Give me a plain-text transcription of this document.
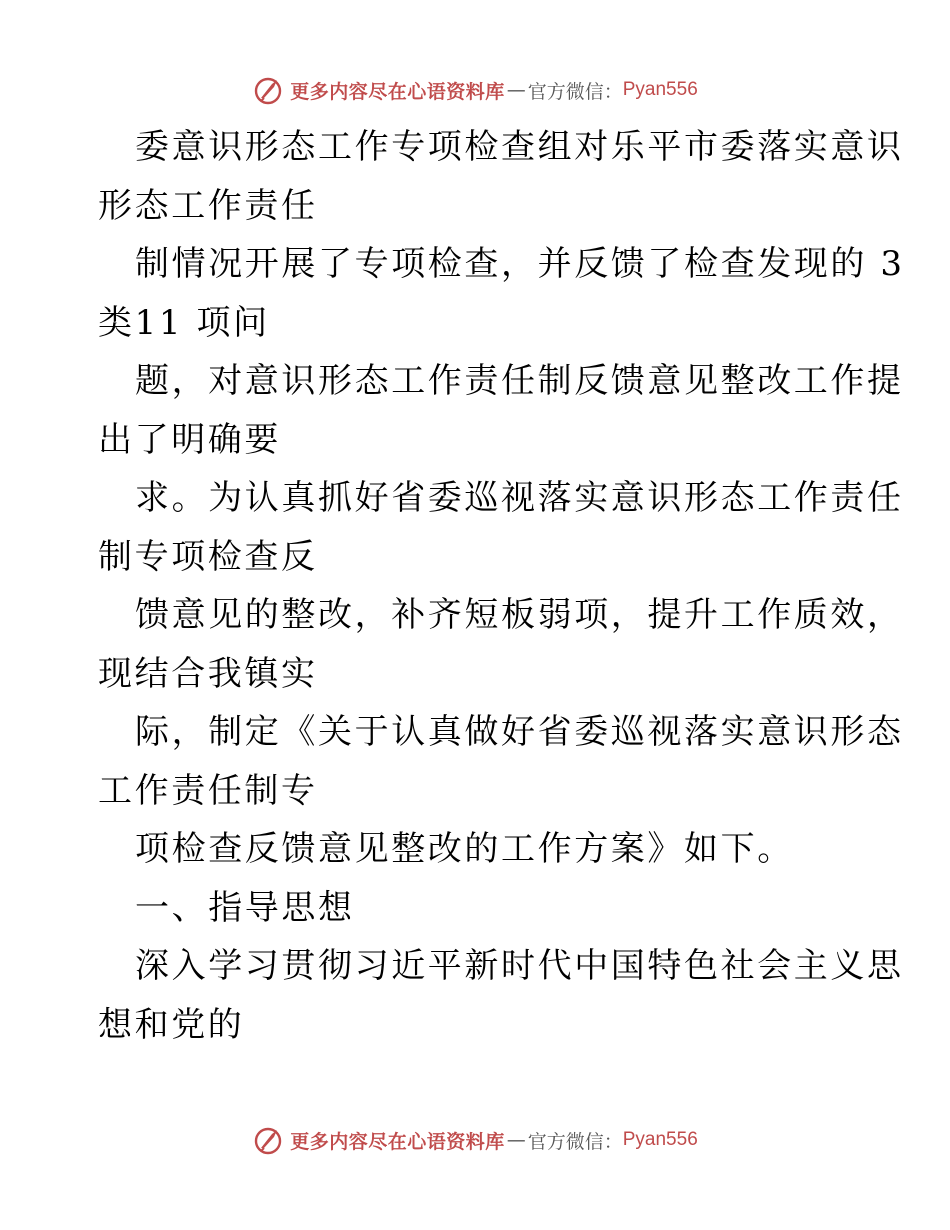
更多内容尽在心语资料库 — 官方微信： Pyan556
委意识形态工作专项检查组对乐平市委落实意识
形态工作责任
制情况开展了专项检查，并反馈了检查发现的 3
类11 项问
题，对意识形态工作责任制反馈意见整改工作提
出了明确要
求。为认真抓好省委巡视落实意识形态工作责任
制专项检查反
馈意见的整改，补齐短板弱项，提升工作质效，
现结合我镇实
际，制定《关于认真做好省委巡视落实意识形态
工作责任制专
项检查反馈意见整改的工作方案》如下。
一、指导思想
深入学习贯彻习近平新时代中国特色社会主义思
想和党的
更多内容尽在心语资料库 — 官方微信： Pyan556
